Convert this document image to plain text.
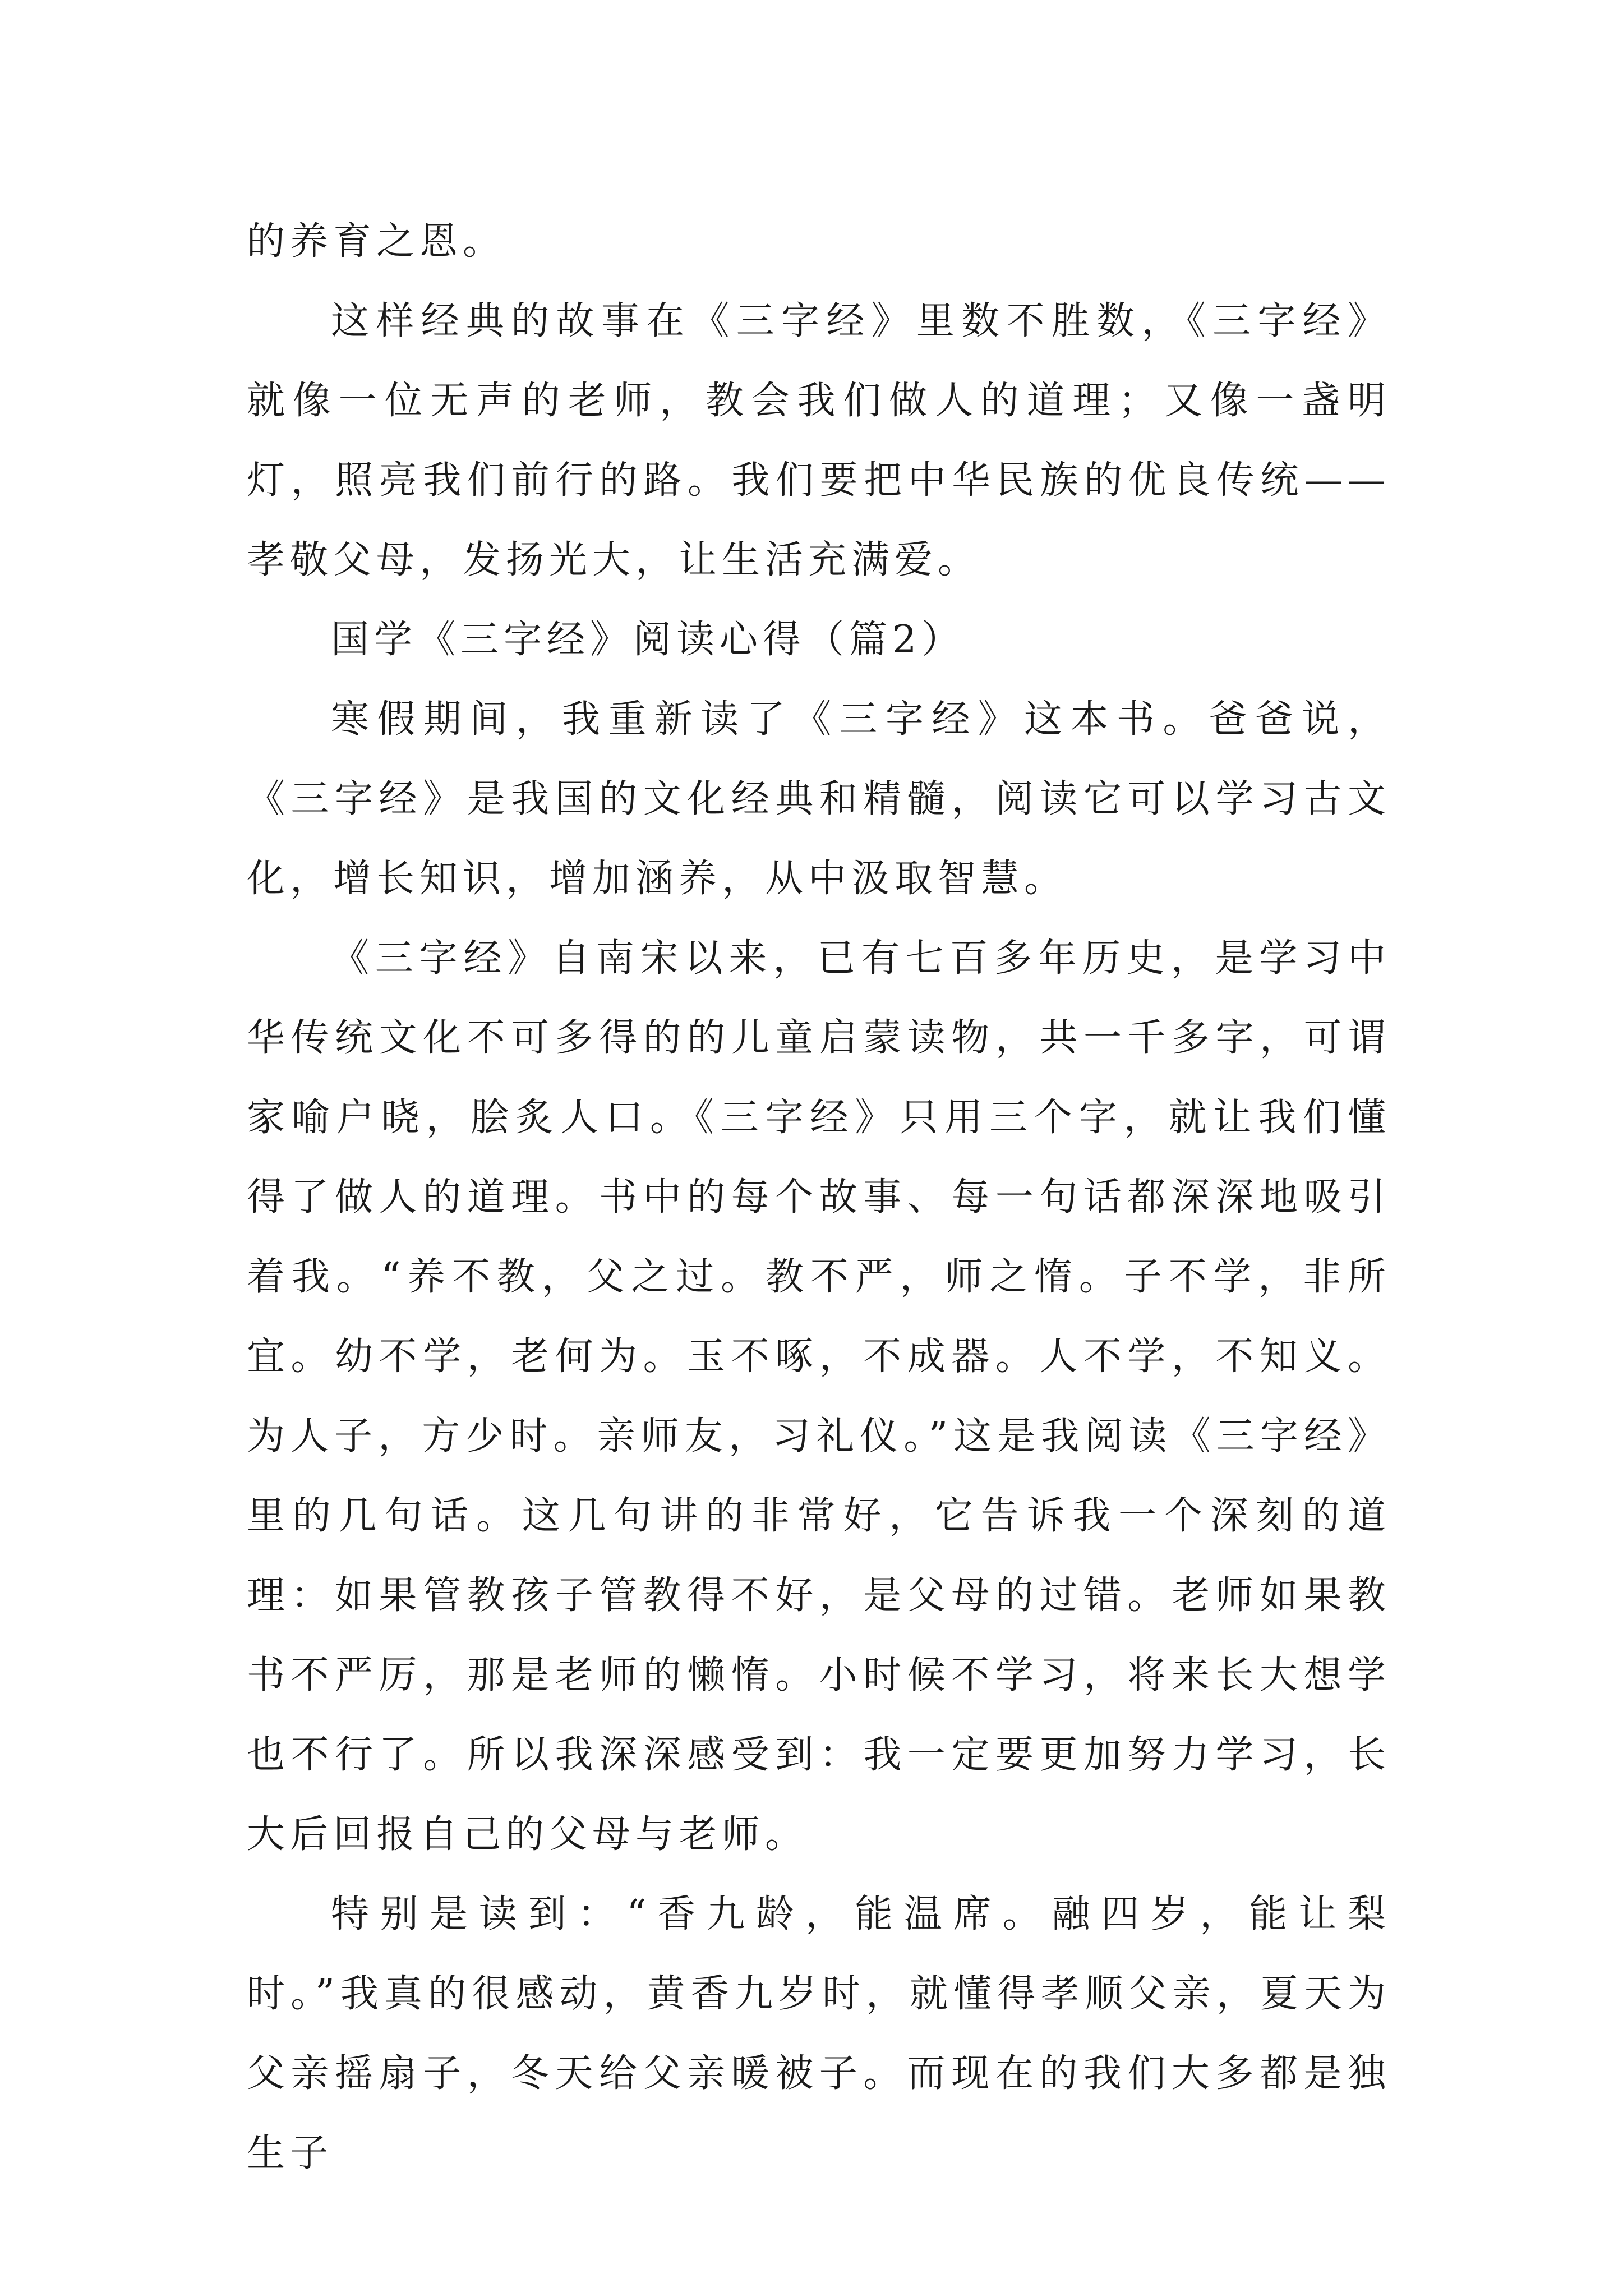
的养育之恩。

这样经典的故事在《三字经》里数不胜数，《三字经》就像一位无声的老师，教会我们做人的道理；又像一盏明灯，照亮我们前行的路。我们要把中华民族的优良传统——孝敬父母，发扬光大，让生活充满爱。

国学《三字经》阅读心得（篇2）

寒假期间，我重新读了《三字经》这本书。爸爸说，《三字经》是我国的文化经典和精髓，阅读它可以学习古文化，增长知识，增加涵养，从中汲取智慧。

《三字经》自南宋以来，已有七百多年历史，是学习中华传统文化不可多得的的儿童启蒙读物，共一千多字，可谓家喻户晓，脍炙人口。《三字经》只用三个字，就让我们懂得了做人的道理。书中的每个故事、每一句话都深深地吸引着我。“养不教，父之过。教不严，师之惰。子不学，非所宜。幼不学，老何为。玉不啄，不成器。人不学，不知义。为人子，方少时。亲师友，习礼仪。”这是我阅读《三字经》里的几句话。这几句讲的非常好，它告诉我一个深刻的道理：如果管教孩子管教得不好，是父母的过错。老师如果教书不严厉，那是老师的懒惰。小时候不学习，将来长大想学也不行了。所以我深深感受到：我一定要更加努力学习，长大后回报自己的父母与老师。

特别是读到：“香九龄，能温席。融四岁，能让梨时。”我真的很感动，黄香九岁时，就懂得孝顺父亲，夏天为父亲摇扇子，冬天给父亲暖被子。而现在的我们大多都是独生子
